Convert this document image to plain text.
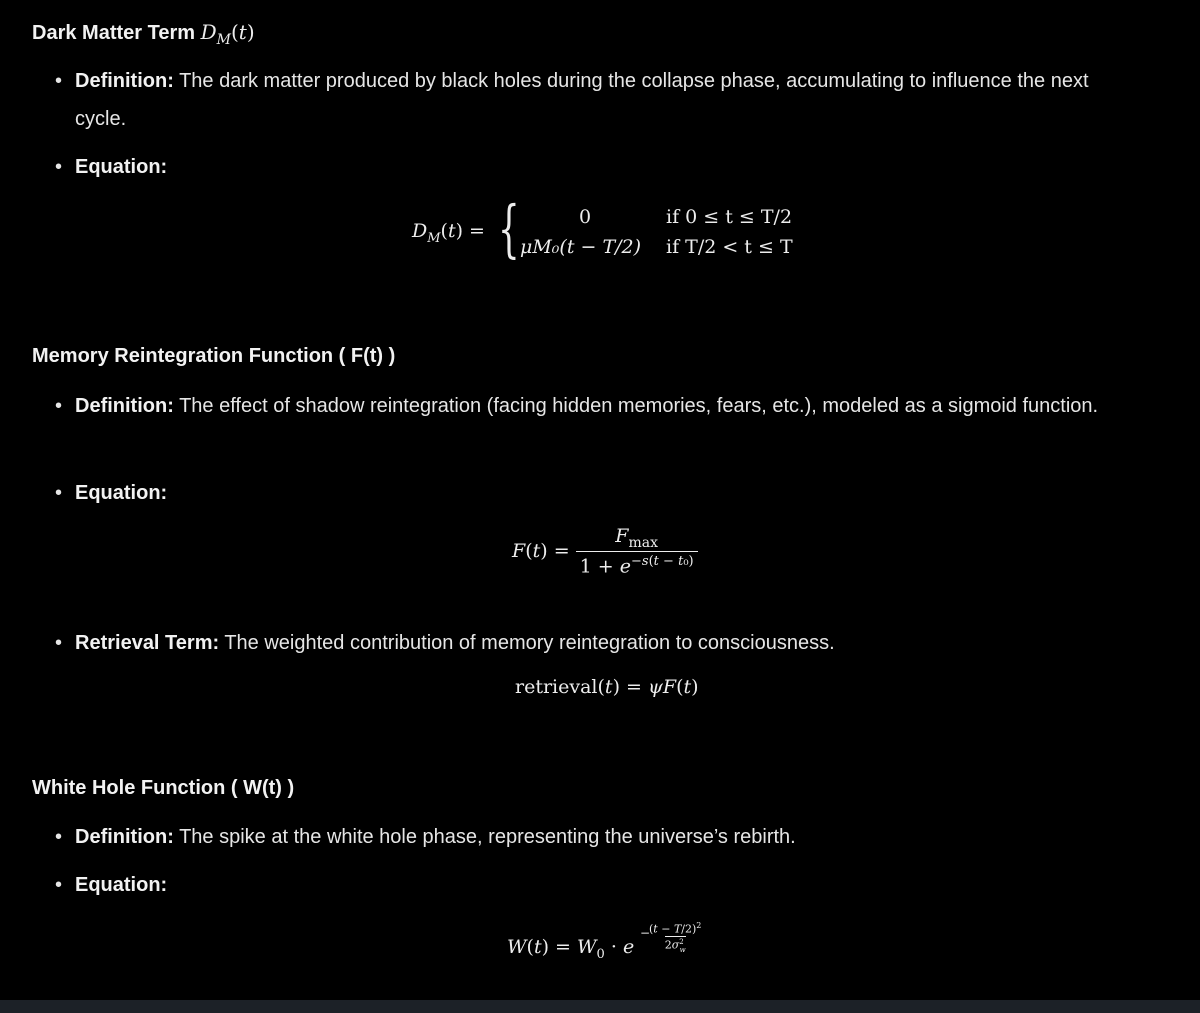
Dark Matter Term $D_M(t)$
• Definition: The dark matter produced by black holes during the collapse phase, accumulating to influence the next cycle.
• Equation:
$D_M(t)$ = {	0	if 0 ≤ t ≤ T/2
μM₀(t − T/2) if T/2 < t ≤ T
Memory Reintegration Function ( F(t) )
• Definition: The effect of shadow reintegration (facing hidden memories, fears, etc.), modeled as a sigmoid function.
• Equation:
$F(t) = \frac{F_{max}}{1 + e^{-s(t - t_0)}}$
• Retrieval Term: The weighted contribution of memory reintegration to consciousness.
retrieval(t) = ψF(t)
White Hole Function ( W(t) )
• Definition: The spike at the white hole phase, representing the universe’s rebirth.
• Equation:
$W(t) = W_0 \cdot e$
−
$(t - T/2)^2$
$2\sigma^2_w$
